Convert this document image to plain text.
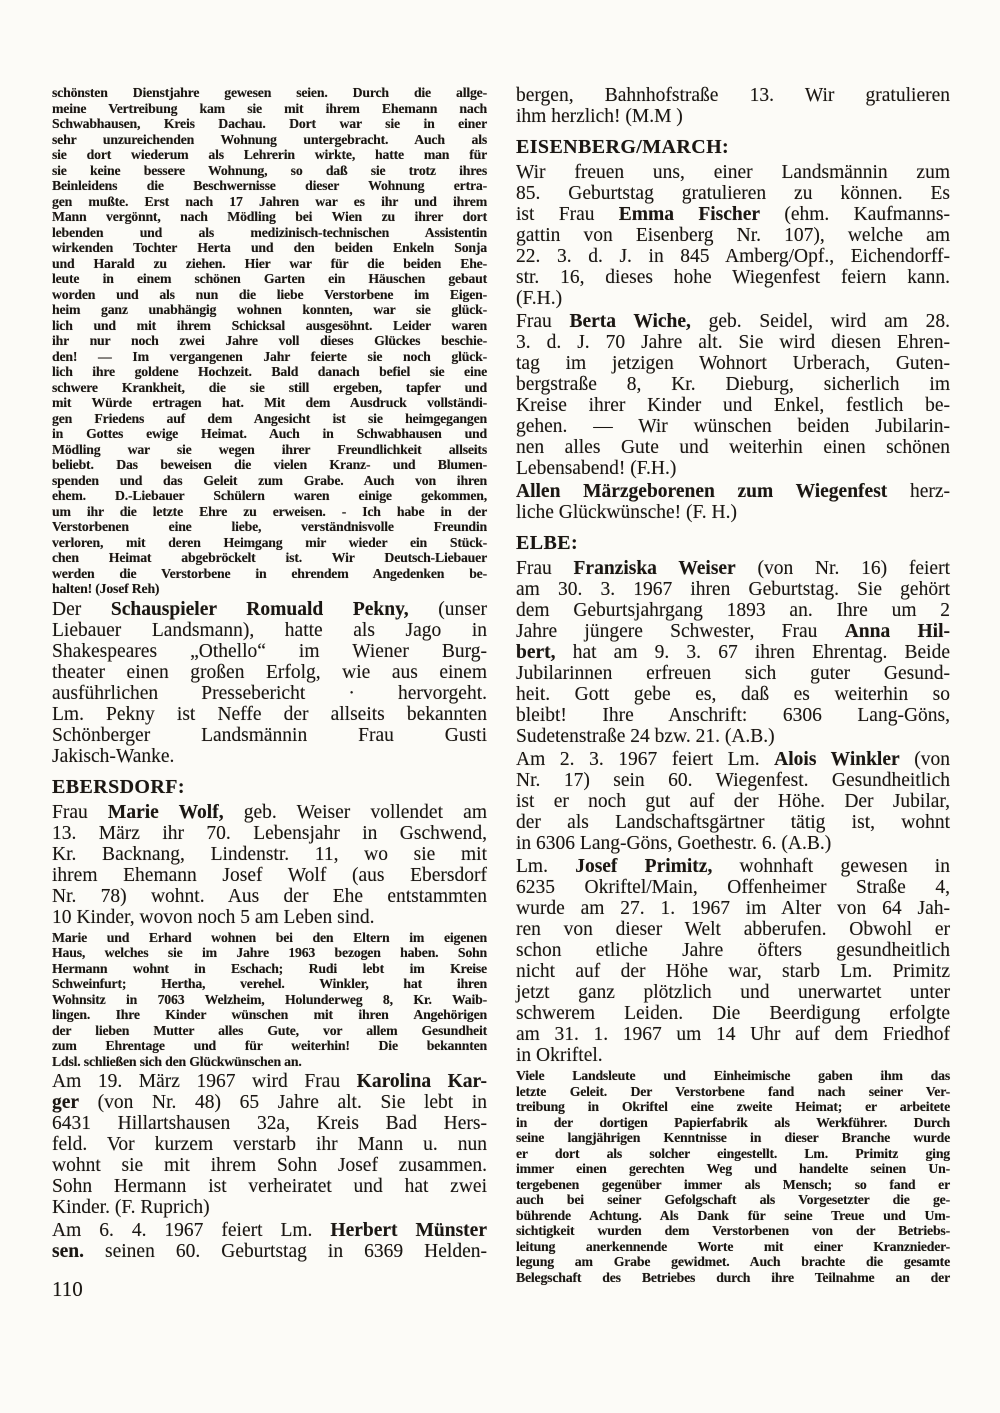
schönsten Dienstjahre gewesen seien. Durch die allge-
meine Vertreibung kam sie mit ihrem Ehemann nach
Schwabhausen, Kreis Dachau. Dort war sie in einer
sehr unzureichenden Wohnung untergebracht. Auch als
sie dort wiederum als Lehrerin wirkte, hatte man für
sie keine bessere Wohnung, so daß sie trotz ihres
Beinleidens die Beschwernisse dieser Wohnung ertra-
gen mußte. Erst nach 17 Jahren war es ihr und ihrem
Mann vergönnt, nach Mödling bei Wien zu ihrer dort
lebenden und als medizinisch-technischen Assistentin
wirkenden Tochter Herta und den beiden Enkeln Sonja
und Harald zu ziehen. Hier war für die beiden Ehe-
leute in einem schönen Garten ein Häuschen gebaut
worden und als nun die liebe Verstorbene im Eigen-
heim ganz unabhängig wohnen konnten, war sie glück-
lich und mit ihrem Schicksal ausgesöhnt. Leider waren
ihr nur noch zwei Jahre voll dieses Glückes beschie-
den! — Im vergangenen Jahr feierte sie noch glück-
lich ihre goldene Hochzeit. Bald danach befiel sie eine
schwere Krankheit, die sie still ergeben, tapfer und
mit Würde ertragen hat. Mit dem Ausdruck vollständi-
gen Friedens auf dem Angesicht ist sie heimgegangen
in Gottes ewige Heimat. Auch in Schwabhausen und
Mödling war sie wegen ihrer Freundlichkeit allseits
beliebt. Das beweisen die vielen Kranz- und Blumen-
spenden und das Geleit zum Grabe. Auch von ihren
ehem. D.-Liebauer Schülern waren einige gekommen,
um ihr die letzte Ehre zu erweisen. - Ich habe in der
Verstorbenen eine liebe, verständnisvolle Freundin
verloren, mit deren Heimgang mir wieder ein Stück-
chen Heimat abgebröckelt ist. Wir Deutsch-Liebauer
werden die Verstorbene in ehrendem Angedenken be-
halten! (Josef Reh)
Der Schauspieler Romuald Pekny, (unser
Liebauer Landsmann), hatte als Jago in
Shakespeares „Othello“ im Wiener Burg-
theater einen großen Erfolg, wie aus einem
ausführlichen Pressebericht · hervorgeht.
Lm. Pekny ist Neffe der allseits bekannten
Schönberger Landsmännin Frau Gusti
Jakisch-Wanke.
EBERSDORF:
Frau Marie Wolf, geb. Weiser vollendet am
13. März ihr 70. Lebensjahr in Gschwend,
Kr. Backnang, Lindenstr. 11, wo sie mit
ihrem Ehemann Josef Wolf (aus Ebersdorf
Nr. 78) wohnt. Aus der Ehe entstammten
10 Kinder, wovon noch 5 am Leben sind.
Marie und Erhard wohnen bei den Eltern im eigenen
Haus, welches sie im Jahre 1963 bezogen haben. Sohn
Hermann wohnt in Eschach; Rudi lebt im Kreise
Schweinfurt; Hertha, verehel. Winkler, hat ihren
Wohnsitz in 7063 Welzheim, Holunderweg 8, Kr. Waib-
lingen. Ihre Kinder wünschen mit ihren Angehörigen
der lieben Mutter alles Gute, vor allem Gesundheit
zum Ehrentage und für weiterhin! Die bekannten
Ldsl. schließen sich den Glückwünschen an.
Am 19. März 1967 wird Frau Karolina Kar-
ger (von Nr. 48) 65 Jahre alt. Sie lebt in
6431 Hillartshausen 32a, Kreis Bad Hers-
feld. Vor kurzem verstarb ihr Mann u. nun
wohnt sie mit ihrem Sohn Josef zusammen.
Sohn Hermann ist verheiratet und hat zwei
Kinder. (F. Ruprich)
Am 6. 4. 1967 feiert Lm. Herbert Münster
sen. seinen 60. Geburtstag in 6369 Helden-
bergen, Bahnhofstraße 13. Wir gratulieren
ihm herzlich! (M.M )
EISENBERG/MARCH:
Wir freuen uns, einer Landsmännin zum
85. Geburtstag gratulieren zu können. Es
ist Frau Emma Fischer (ehm. Kaufmanns-
gattin von Eisenberg Nr. 107), welche am
22. 3. d. J. in 845 Amberg/Opf., Eichendorff-
str. 16, dieses hohe Wiegenfest feiern kann.
(F.H.)
Frau Berta Wiche, geb. Seidel, wird am 28.
3. d. J. 70 Jahre alt. Sie wird diesen Ehren-
tag im jetzigen Wohnort Urberach, Guten-
bergstraße 8, Kr. Dieburg, sicherlich im
Kreise ihrer Kinder und Enkel, festlich be-
gehen. — Wir wünschen beiden Jubilarin-
nen alles Gute und weiterhin einen schönen
Lebensabend! (F.H.)
Allen Märzgeborenen zum Wiegenfest herz-
liche Glückwünsche! (F. H.)
ELBE:
Frau Franziska Weiser (von Nr. 16) feiert
am 30. 3. 1967 ihren Geburtstag. Sie gehört
dem Geburtsjahrgang 1893 an. Ihre um 2
Jahre jüngere Schwester, Frau Anna Hil-
bert, hat am 9. 3. 67 ihren Ehrentag. Beide
Jubilarinnen erfreuen sich guter Gesund-
heit. Gott gebe es, daß es weiterhin so
bleibt! Ihre Anschrift: 6306 Lang-Göns,
Sudetenstraße 24 bzw. 21. (A.B.)
Am 2. 3. 1967 feiert Lm. Alois Winkler (von
Nr. 17) sein 60. Wiegenfest. Gesundheitlich
ist er noch gut auf der Höhe. Der Jubilar,
der als Landschaftsgärtner tätig ist, wohnt
in 6306 Lang-Göns, Goethestr. 6. (A.B.)
Lm. Josef Primitz, wohnhaft gewesen in
6235 Okriftel/Main, Offenheimer Straße 4,
wurde am 27. 1. 1967 im Alter von 64 Jah-
ren von dieser Welt abberufen. Obwohl er
schon etliche Jahre öfters gesundheitlich
nicht auf der Höhe war, starb Lm. Primitz
jetzt ganz plötzlich und unerwartet unter
schwerem Leiden. Die Beerdigung erfolgte
am 31. 1. 1967 um 14 Uhr auf dem Friedhof
in Okriftel.
Viele Landsleute und Einheimische gaben ihm das
letzte Geleit. Der Verstorbene fand nach seiner Ver-
treibung in Okriftel eine zweite Heimat; er arbeitete
in der dortigen Papierfabrik als Werkführer. Durch
seine langjährigen Kenntnisse in dieser Branche wurde
er dort als solcher eingestellt. Lm. Primitz ging
immer einen gerechten Weg und handelte seinen Un-
tergebenen gegenüber immer als Mensch; so fand er
auch bei seiner Gefolgschaft als Vorgesetzter die ge-
bührende Achtung. Als Dank für seine Treue und Um-
sichtigkeit wurden dem Verstorbenen von der Betriebs-
leitung anerkennende Worte mit einer Kranznieder-
legung am Grabe gewidmet. Auch brachte die gesamte
Belegschaft des Betriebes durch ihre Teilnahme an der
110
